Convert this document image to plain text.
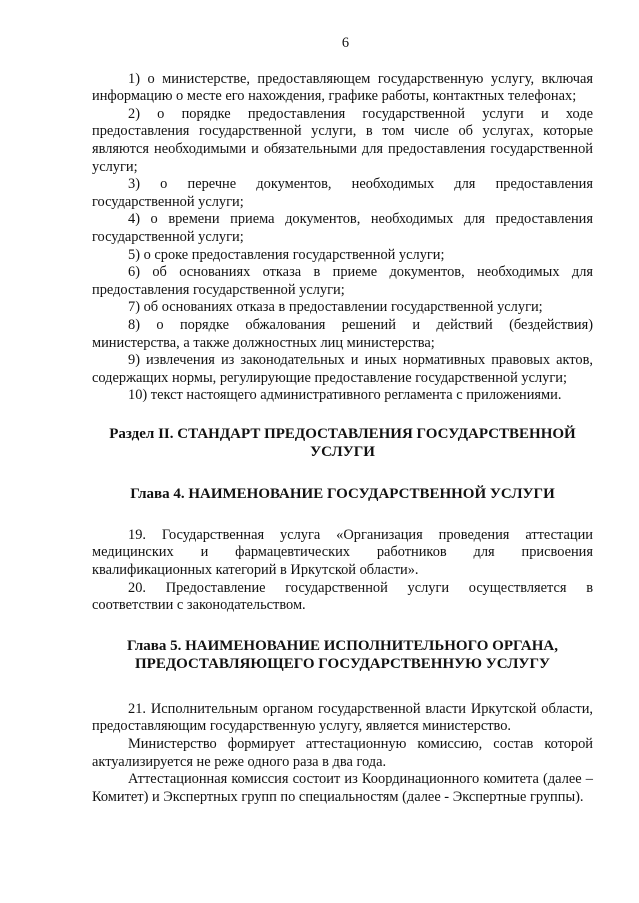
6

1) о министерстве, предоставляющем государственную услугу, включая информацию о месте его нахождения, графике работы, контактных телефонах;

2) о порядке предоставления государственной услуги и ходе предоставления государственной услуги, в том числе об услугах, которые являются необходимыми и обязательными для предоставления государственной услуги;

3) о перечне документов, необходимых для предоставления государственной услуги;

4) о времени приема документов, необходимых для предоставления государственной услуги;

5) о сроке предоставления государственной услуги;

6) об основаниях отказа в приеме документов, необходимых для предоставления государственной услуги;

7) об основаниях отказа в предоставлении государственной услуги;

8) о порядке обжалования решений и действий (бездействия) министерства, а также должностных лиц министерства;

9) извлечения из законодательных и иных нормативных правовых актов, содержащих нормы, регулирующие предоставление государственной услуги;

10) текст настоящего административного регламента с приложениями.

Раздел II. СТАНДАРТ ПРЕДОСТАВЛЕНИЯ ГОСУДАРСТВЕННОЙ УСЛУГИ
Глава 4. НАИМЕНОВАНИЕ ГОСУДАРСТВЕННОЙ УСЛУГИ

19. Государственная услуга «Организация проведения аттестации медицинских и фармацевтических работников для присвоения квалификационных категорий в Иркутской области».

20. Предоставление государственной услуги осуществляется в соответствии с законодательством.

Глава 5. НАИМЕНОВАНИЕ ИСПОЛНИТЕЛЬНОГО ОРГАНА, ПРЕДОСТАВЛЯЮЩЕГО ГОСУДАРСТВЕННУЮ УСЛУГУ

21. Исполнительным органом государственной власти Иркутской области, предоставляющим государственную услугу, является министерство.

Министерство формирует аттестационную комиссию, состав которой актуализируется не реже одного раза в два года.

Аттестационная комиссия состоит из Координационного комитета (далее – Комитет) и Экспертных групп по специальностям (далее - Экспертные группы).
